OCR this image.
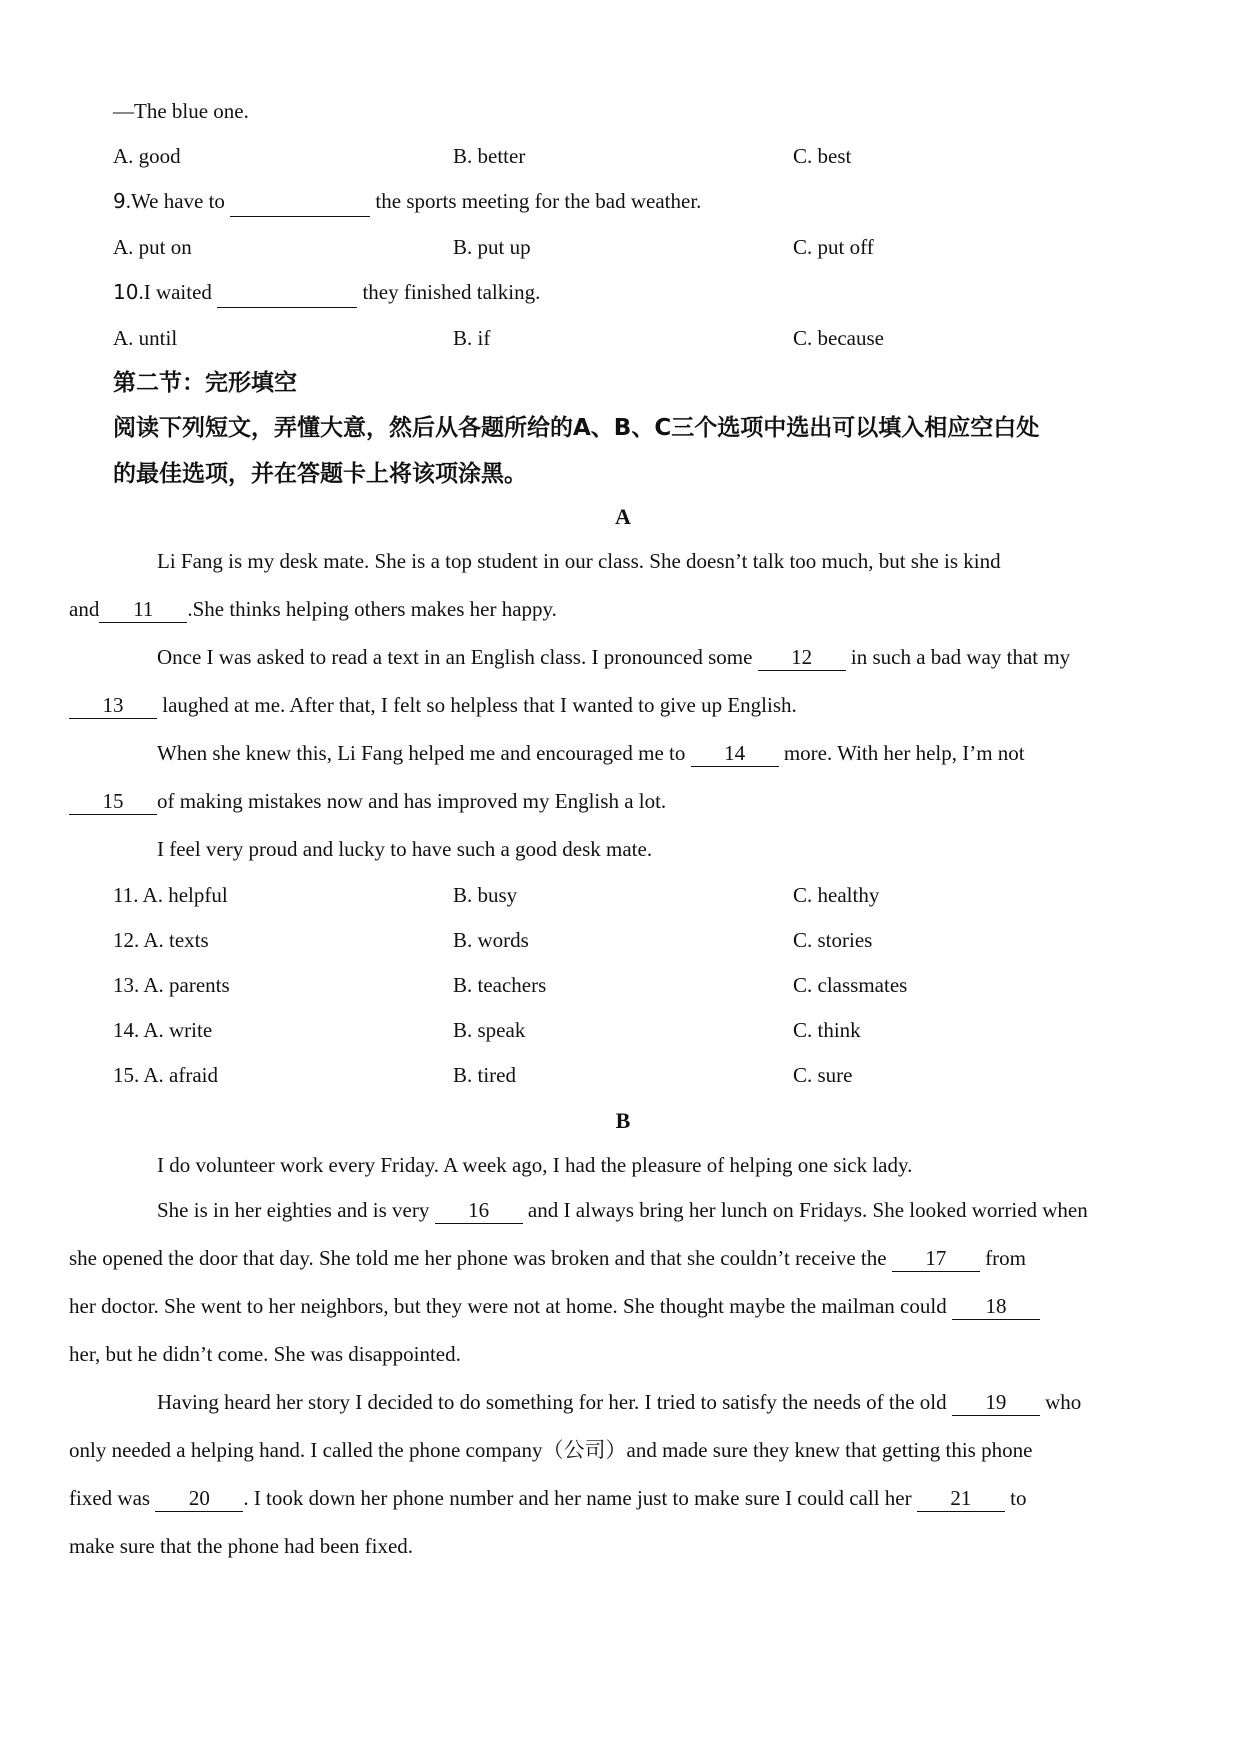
—The blue one.

A. good	B. better	C. best

9.We have to	the sports meeting for the bad weather.

A. put on	B. put up	C. put off

10.I waited	they finished talking.

A. until	B. if	C. because

第二节：完形填空

阅读下列短文，弄懂大意，然后从各题所给的A、B、C三个选项中选出可以填入相应空白处

的最佳选项，并在答题卡上将该项涂黑。

A

Li Fang is my desk mate. She is a top student in our class. She doesn’t talk too much, but she is kind
and 11 .She thinks helping others makes her happy.

Once I was asked to read a text in an English class. I pronounced some 12 in such a bad way that my
13 laughed at me. After that, I felt so helpless that I wanted to give up English.

When she knew this, Li Fang helped me and encouraged me to 14 more. With her help, I’m not
15 of making mistakes now and has improved my English a lot.

I feel very proud and lucky to have such a good desk mate.

11. A. helpful	B. busy	C. healthy
12. A. texts	B. words	C. stories
13. A. parents	B. teachers	C. classmates
14. A. write	B. speak	C. think
15. A. afraid	B. tired	C. sure

B

I do volunteer work every Friday. A week ago, I had the pleasure of helping one sick lady.

She is in her eighties and is very 16 and I always bring her lunch on Fridays. She looked worried when
she opened the door that day. She told me her phone was broken and that she couldn’t receive the 17 from
her doctor. She went to her neighbors, but they were not at home. She thought maybe the mailman could 18
her, but he didn’t come. She was disappointed.

Having heard her story I decided to do something for her. I tried to satisfy the needs of the old 19 who
only needed a helping hand. I called the phone company（公司）and made sure they knew that getting this phone
fixed was 20 . I took down her phone number and her name just to make sure I could call her 21 to
make sure that the phone had been fixed.
